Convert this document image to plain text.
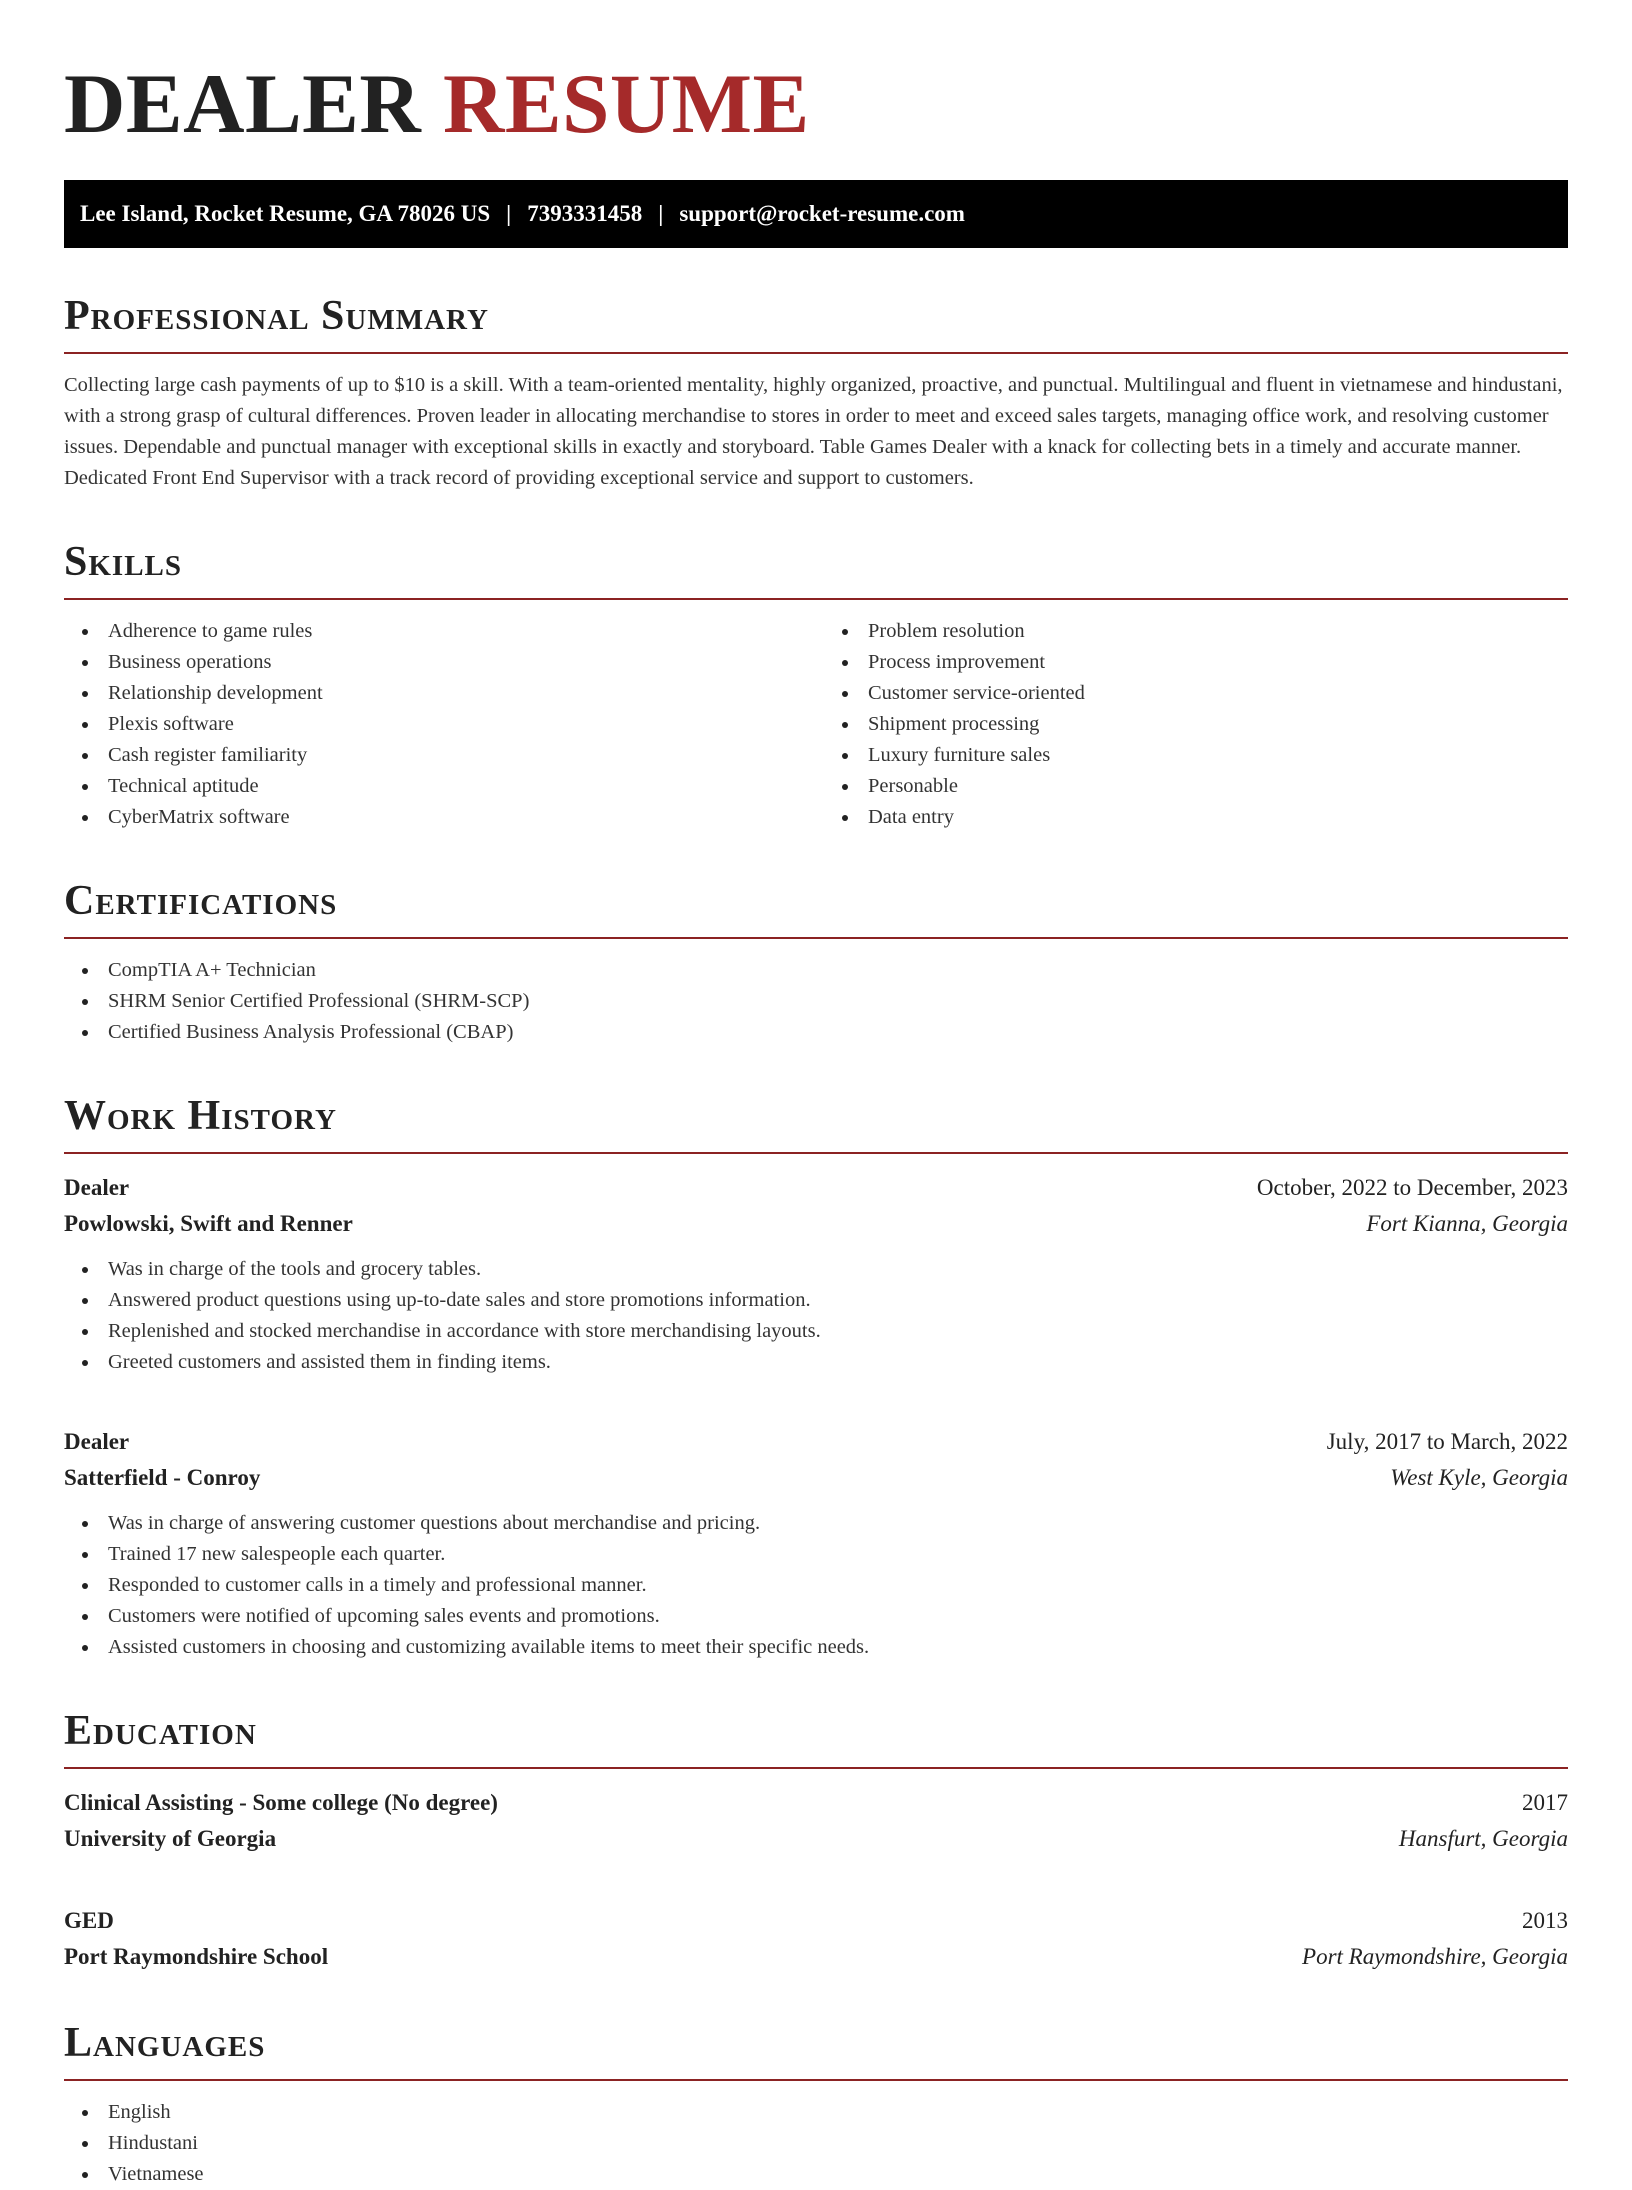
DEALER RESUME
Lee Island, Rocket Resume, GA 78026 US | 7393331458 | support@rocket-resume.com
Professional Summary

Collecting large cash payments of up to $10 is a skill. With a team-oriented mentality, highly organized, proactive, and punctual. Multilingual and fluent in vietnamese and hindustani, with a strong grasp of cultural differences. Proven leader in allocating merchandise to stores in order to meet and exceed sales targets, managing office work, and resolving customer issues. Dependable and punctual manager with exceptional skills in exactly and storyboard. Table Games Dealer with a knack for collecting bets in a timely and accurate manner. Dedicated Front End Supervisor with a track record of providing exceptional service and support to customers.

Skills
Adherence to game rules
Business operations
Relationship development
Plexis software
Cash register familiarity
Technical aptitude
CyberMatrix software
Problem resolution
Process improvement
Customer service-oriented
Shipment processing
Luxury furniture sales
Personable
Data entry
Certifications
CompTIA A+ Technician
SHRM Senior Certified Professional (SHRM-SCP)
Certified Business Analysis Professional (CBAP)
Work History
Dealer	October, 2022 to December, 2023
Powlowski, Swift and Renner	Fort Kianna, Georgia
Was in charge of the tools and grocery tables.
Answered product questions using up-to-date sales and store promotions information.
Replenished and stocked merchandise in accordance with store merchandising layouts.
Greeted customers and assisted them in finding items.
Dealer	July, 2017 to March, 2022
Satterfield - Conroy	West Kyle, Georgia
Was in charge of answering customer questions about merchandise and pricing.
Trained 17 new salespeople each quarter.
Responded to customer calls in a timely and professional manner.
Customers were notified of upcoming sales events and promotions.
Assisted customers in choosing and customizing available items to meet their specific needs.
Education
Clinical Assisting - Some college (No degree)	2017
University of Georgia	Hansfurt, Georgia
GED	2013
Port Raymondshire School	Port Raymondshire, Georgia
Languages
English
Hindustani
Vietnamese
